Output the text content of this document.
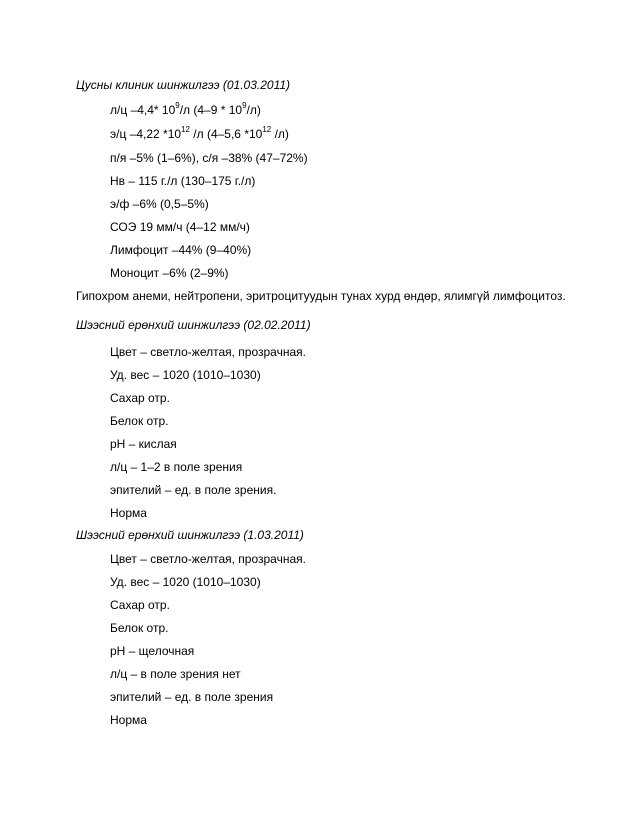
Цусны клиник шинжилгээ (01.03.2011)
л/ц –4,4* $10^9/л$ $(4-9 * 10^9/л)$
э/ц –4,22 $*10^{12}$ /л (4–5,6 $*10^{12}$ /л)
п/я –5% (1–6%), с/я –38% (47–72%)
Нв – 115 г./л (130–175 г./л)
э/ф –6% (0,5–5%)
СОЭ 19 мм/ч (4–12 мм/ч)
Лимфоцит –44% (9–40%)
Моноцит –6% (2–9%)
Гипохром анеми, нейтропени, эритроцитуудын тунах хурд өндөр, ялимгүй лимфоцитоз.
Шээсний ерөнхий шинжилгээ (02.02.2011)
Цвет – светло-желтая, прозрачная.
Уд. вес – 1020 (1010–1030)
Сахар отр.
Белок отр.
рН – кислая
л/ц – 1–2 в поле зрения
эпителий – ед. в поле зрения.
Норма
Шээсний ерөнхий шинжилгээ (1.03.2011)
Цвет – светло-желтая, прозрачная.
Уд. вес – 1020 (1010–1030)
Сахар отр.
Белок отр.
рН – щелочная
л/ц – в поле зрения нет
эпителий – ед. в поле зрения
Норма
